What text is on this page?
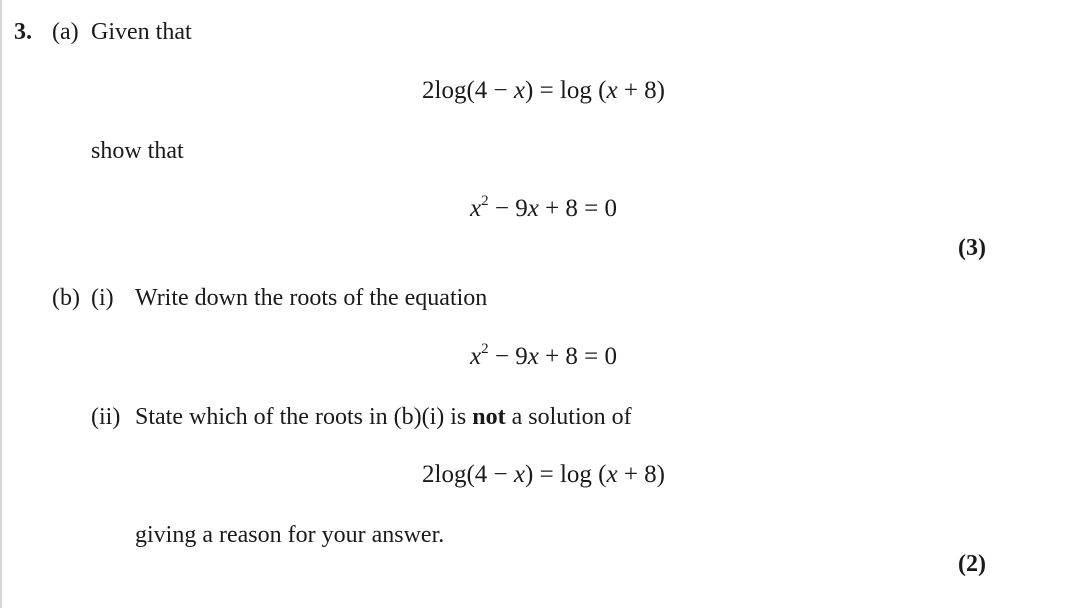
3. (a) Given that
2log(4 − x) = log (x + 8)
show that
$x^2 - 9x + 8 = 0$
(3)
(b) (i) Write down the roots of the equation
$x^2 - 9x + 8 = 0$
(ii) State which of the roots in (b)(i) is not a solution of
2log(4 − x) = log (x + 8)
giving a reason for your answer.
(2)
